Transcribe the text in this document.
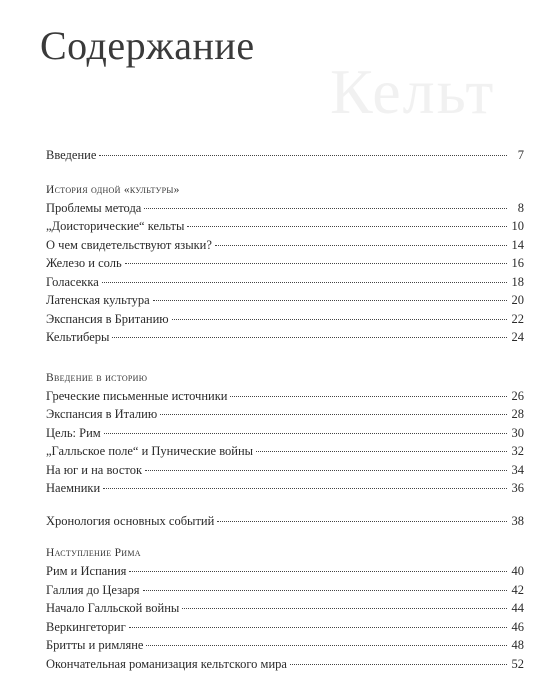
Кельт
Содержание
Введение	7
История одной «культуры»
Проблемы метода	8
„Доисторические“ кельты	10
О чем свидетельствуют языки?	14
Железо и соль	16
Голасекка	18
Латенская культура	20
Экспансия в Британию	22
Кельтиберы	24
Введение в историю
Греческие письменные источники	26
Экспансия в Италию	28
Цель: Рим	30
„Галльское поле“ и Пунические войны	32
На юг и на восток	34
Наемники	36
Хронология основных событий	38
Наступление Рима
Рим и Испания	40
Галлия до Цезаря	42
Начало Галльской войны	44
Веркингеториг	46
Бритты и римляне	48
Окончательная романизация кельтского мира	52
